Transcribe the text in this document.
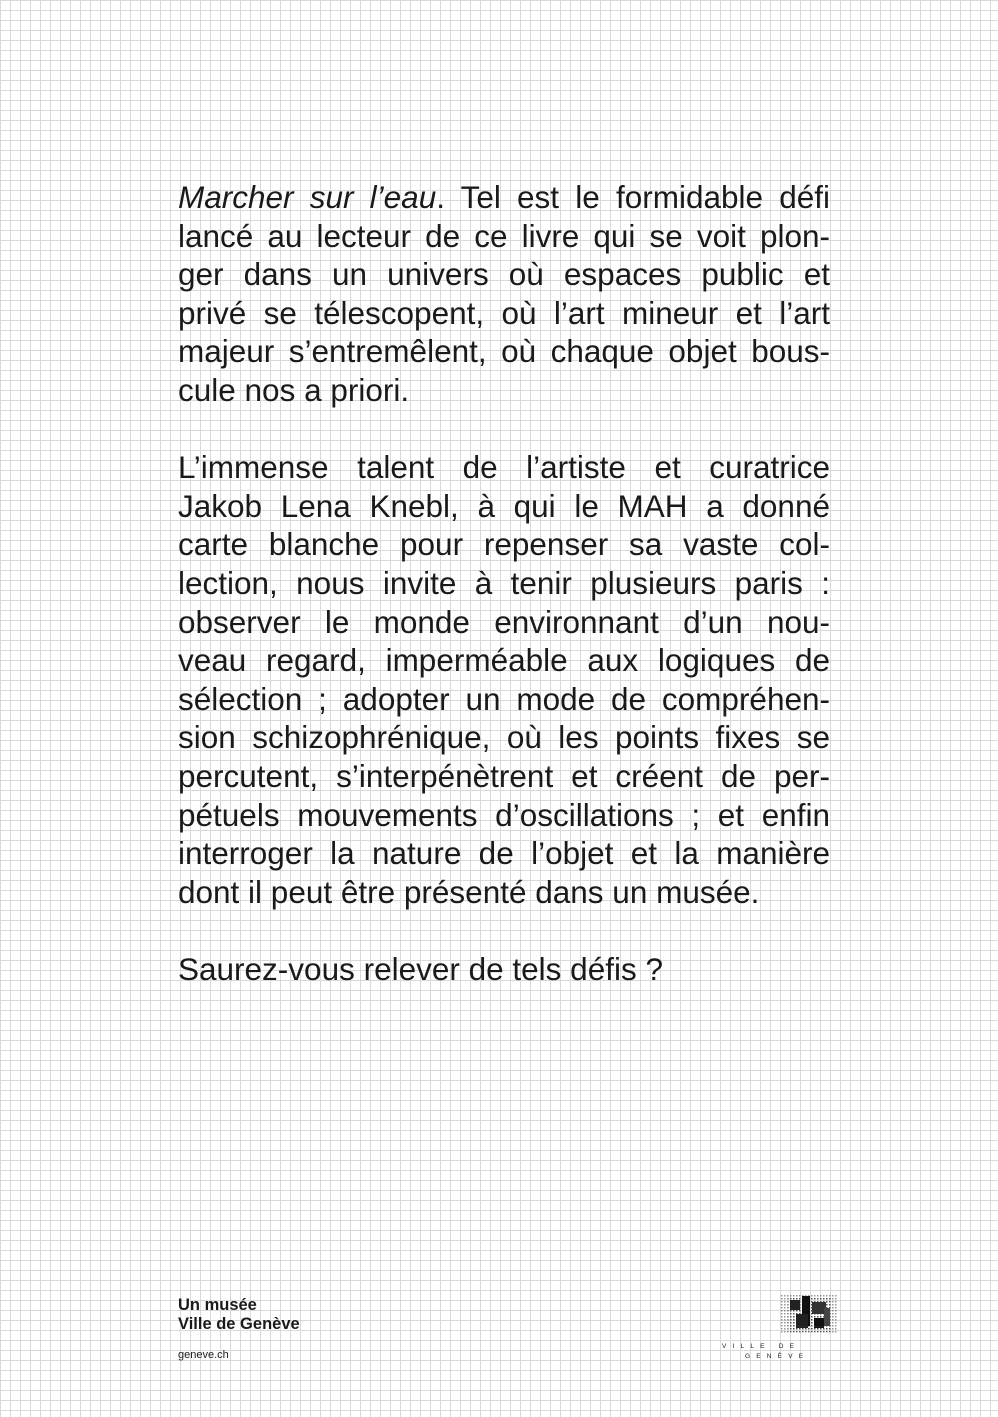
Marcher sur l’eau. Tel est le formidable défi
lancé au lecteur de ce livre qui se voit plon-
ger dans un univers où espaces public et
privé se télescopent, où l’art mineur et l’art
majeur s’entremêlent, où chaque objet bous-
cule nos a priori.

L’immense talent de l’artiste et curatrice
Jakob Lena Knebl, à qui le MAH a donné
carte blanche pour repenser sa vaste col-
lection, nous invite à tenir plusieurs paris :
observer le monde environnant d’un nou-
veau regard, imperméable aux logiques de
sélection ; adopter un mode de compréhen-
sion schizophrénique, où les points fixes se
percutent, s’interpénètrent et créent de per-
pétuels mouvements d’oscillations ; et enfin
interroger la nature de l’objet et la manière
dont il peut être présenté dans un musée.

Saurez-vous relever de tels défis ?

Un musée
Ville de Genève
geneve.ch
VILLE DE
GENÈVE
